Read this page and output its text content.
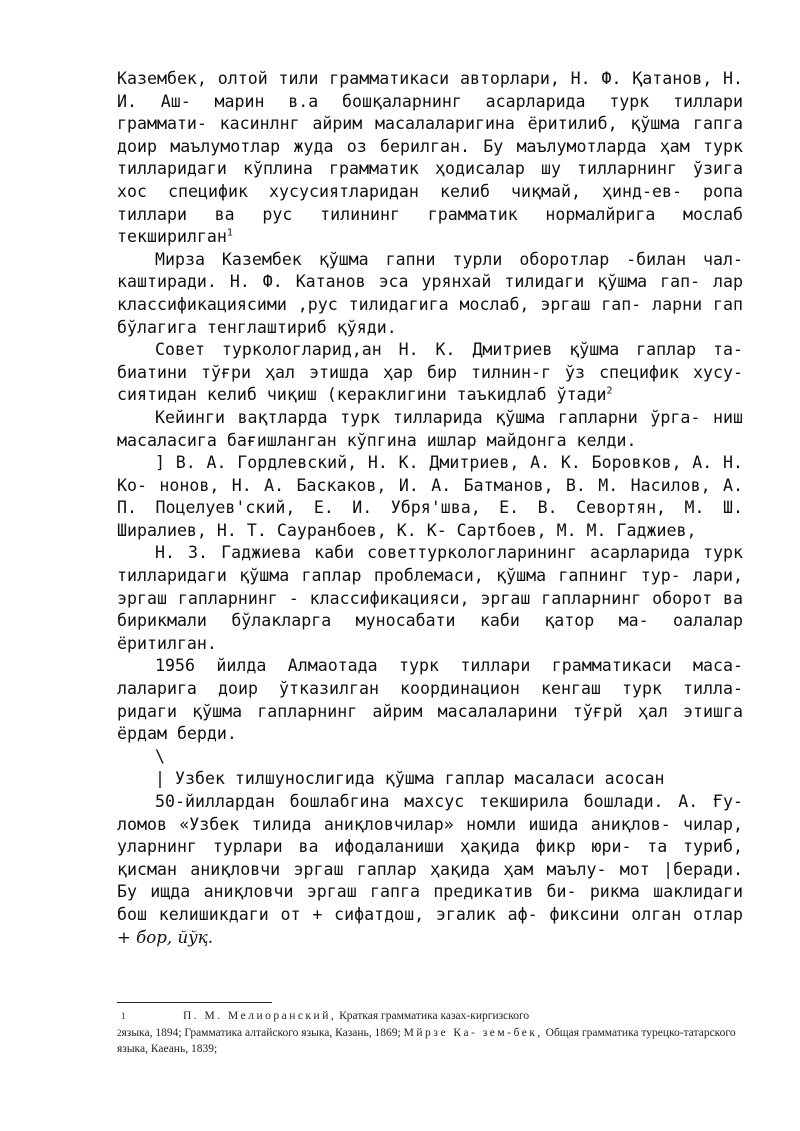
Казембек, олтой тили грамматикаси авторлари, Н. Ф. Қатанов, Н. И. Аш- марин в.а бошқаларнинг асарларида турк тиллари граммати- касинлнг айрим масалаларигина ёритилиб, қўшма гапга доир маълумотлар жуда оз берилган. Бу маълумотларда ҳам турк тилларидаги кўплина грамматик ҳодисалар шу тилларнинг ўзига хос специфик хусусиятларидан келиб чиқмай, ҳинд-ев- ропа тиллари ва рус тилининг грамматик нормалйрига мослаб текширилган$^1$

Мирза Казембек қўшма гапни турли оборотлар -билан чал- каштиради. Н. Ф. Катанов эса урянхай тилидаги қўшма гап- лар классификациясими ,рус тилидагига мослаб, эргаш гап- ларни гап бўлагига тенглаштириб қўяди.

Совет туркологларид,ан Н. К. Дмитриев қўшма гаплар та- биатини тўғри ҳал этишда ҳар бир тилнин-г ўз специфик хусу- сиятидан келиб чиқиш (кераклигини таъкидлаб ўтади$^2$

Кейинги вақтларда турк тилларида қўшма гапларни ўрга- ниш масаласига бағишланган кўпгина ишлар майдонга келди.

] В. А. Гордлевский, Н. К. Дмитриев, А. К. Боровков, А. Н. Ко- нонов, Н. А. Баскаков, И. А. Батманов, В. М. Насилов, А. П. Поцелуев'ский, Е. И. Убря'шва, Е. В. Севортян, М. Ш. Ширалиев, Н. Т. Сауранбоев, К. К- Сартбоев, М. М. Гаджиев,

Н. З. Гаджиева каби советтуркологларининг асарларида турк тилларидаги қўшма гаплар проблемаси, қўшма гапнинг тур- лари, эргаш гапларнинг - классификацияси, эргаш гапларнинг оборот ва бирикмали бўлакларга муносабати каби қатор ма- оалалар ёритилган.

1956 йилда Алмаотада турк тиллари грамматикаси маса- лаларига доир ўтказилган координацион кенгаш турк тилла- ридаги қўшма гапларнинг айрим масалаларини тўғрй ҳал этишга ёрдам берди.

\

| Узбек тилшунослигида қўшма гаплар масаласи асосан

50-йиллардан бошлабгина махсус текширила бошлади. А. Ғу- ломов «Узбек тилида аниқловчилар» номли ишида аниқлов- чилар, уларнинг турлари ва ифодаланиши ҳақида фикр юри- та туриб, қисман аниқловчи эргаш гаплар ҳақида ҳам маълу- мот |беради. Бу ищда аниқловчи эргаш гапга предикатив би- рикма шаклидаги бош келишикдаги от + сифатдош, эгалик аф- фиксини олган отлар + бор, йўқ.

1	П. М. Мелиоранский, Краткая грамматика казах-киргизского

2языка, 1894; Грамматика алтайского языка, Казань, 1869; Мйрзе Ка- зем-бек, Общая грамматика турецко-татарского языка, Каеань, 1839;
